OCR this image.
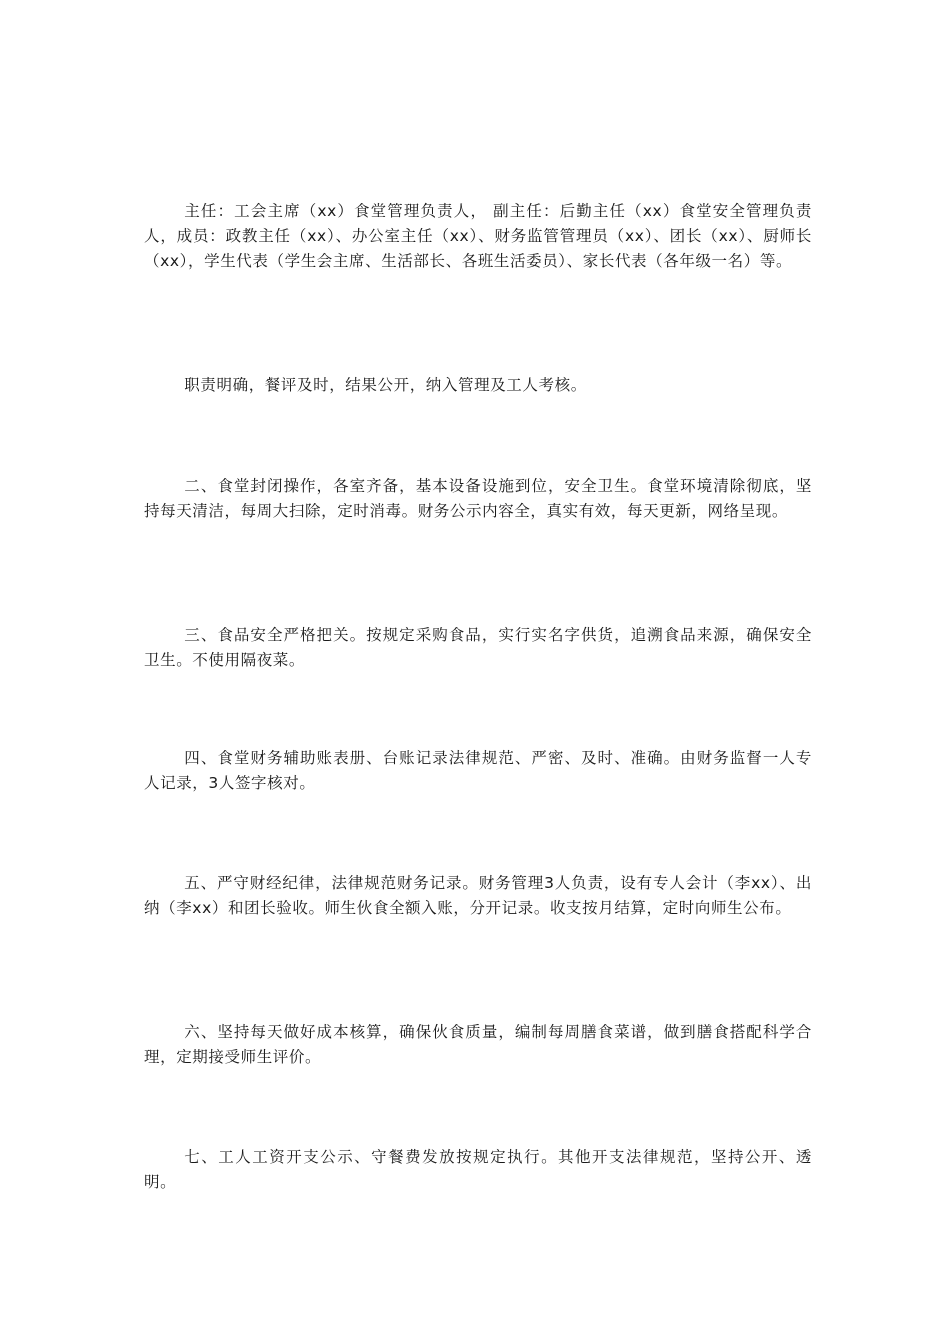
主任：工会主席（xx）食堂管理负责人， 副主任：后勤主任（xx）食堂安全管理负责人，成员：政教主任（xx）、办公室主任（xx）、财务监管管理员（xx）、团长（xx）、厨师长（xx），学生代表（学生会主席、生活部长、各班生活委员）、家长代表（各年级一名）等。

职责明确，餐评及时，结果公开，纳入管理及工人考核。

二、食堂封闭操作，各室齐备，基本设备设施到位，安全卫生。食堂环境清除彻底，坚持每天清洁，每周大扫除，定时消毒。财务公示内容全，真实有效，每天更新，网络呈现。

三、食品安全严格把关。按规定采购食品，实行实名字供货，追溯食品来源，确保安全卫生。不使用隔夜菜。

四、食堂财务辅助账表册、台账记录法律规范、严密、及时、准确。由财务监督一人专人记录，3人签字核对。

五、严守财经纪律，法律规范财务记录。财务管理3人负责，设有专人会计（李xx）、出纳（李xx）和团长验收。师生伙食全额入账，分开记录。收支按月结算，定时向师生公布。

六、坚持每天做好成本核算，确保伙食质量，编制每周膳食菜谱，做到膳食搭配科学合理，定期接受师生评价。

七、工人工资开支公示、守餐费发放按规定执行。其他开支法律规范，坚持公开、透明。
